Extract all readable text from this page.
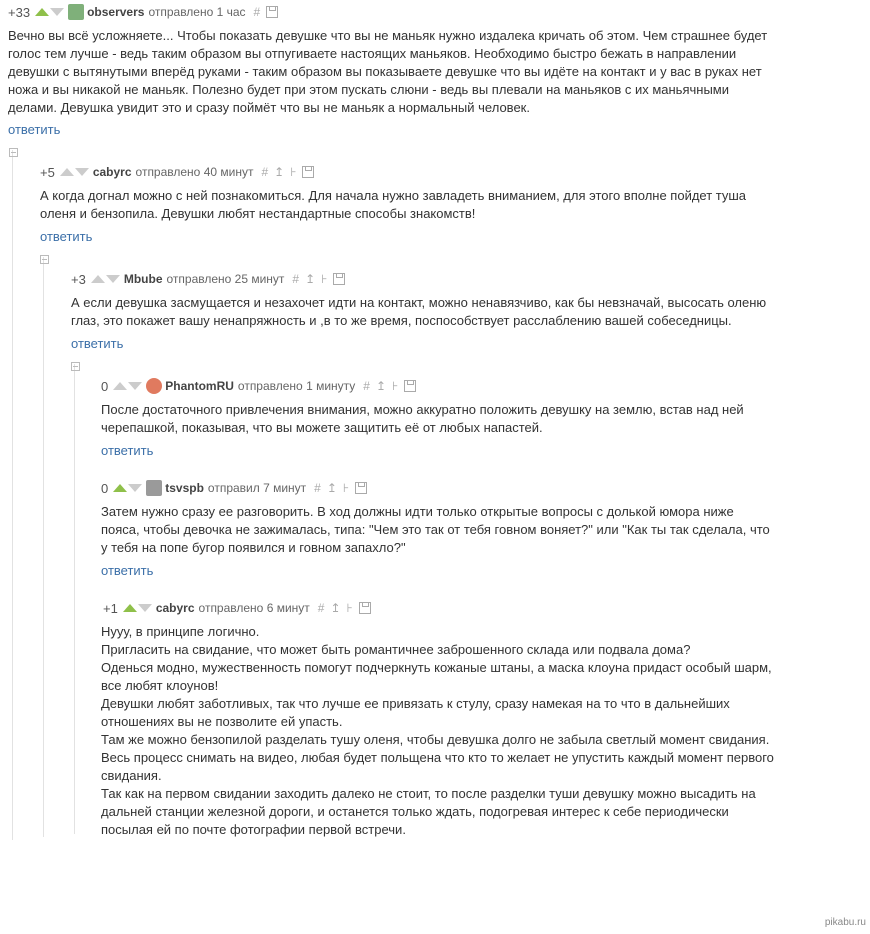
+33	observers отправлено 1 час #

Вечно вы всё усложняете... Чтобы показать девушке что вы не маньяк нужно издалека кричать об этом. Чем страшнее будет

голос тем лучше - ведь таким образом вы отпугиваете настоящих маньяков. Необходимо быстро бежать в направлении

девушки с вытянутыми вперёд руками - таким образом вы показываете девушке что вы идёте на контакт и у вас в руках нет

ножа и вы никакой не маньяк. Полезно будет при этом пускать слюни - ведь вы плевали на маньяков с их маньячными

делами. Девушка увидит это и сразу поймёт что вы не маньяк а нормальный человек.

ответить
+5	cabyrc отправлено 40 минут # ↥ ⊦

А когда догнал можно с ней познакомиться. Для начала нужно завладеть вниманием, для этого вполне пойдет туша

оленя и бензопила. Девушки любят нестандартные способы знакомств!

ответить
+3	Mbube отправлено 25 минут # ↥ ⊦

А если девушка засмущается и незахочет идти на контакт, можно ненавязчиво, как бы невзначай, высосать оленю

глаз, это покажет вашу ненапряжность и ,в то же время, поспособствует расслаблению вашей собеседницы.

ответить
0	PhantomRU отправлено 1 минуту # ↥ ⊦

После достаточного привлечения внимания, можно аккуратно положить девушку на землю, встав над ней

черепашкой, показывая, что вы можете защитить её от любых напастей.

ответить
0	tsvspb отправил 7 минут # ↥ ⊦

Затем нужно сразу ее разговорить. В ход должны идти только открытые вопросы с долькой юмора ниже

пояса, чтобы девочка не зажималась, типа: "Чем это так от тебя говном воняет?" или "Как ты так сделала, что

у тебя на попе бугор появился и говном запахло?"

ответить
+1	cabyrc отправлено 6 минут # ↥ ⊦

Нууу, в принципе логично.

Пригласить на свидание, что может быть романтичнее заброшенного склада или подвала дома?

Оденься модно, мужественность помогут подчеркнуть кожаные штаны, а маска клоуна придаст особый шарм,

все любят клоунов!

Девушки любят заботливых, так что лучше ее привязать к стулу, сразу намекая на то что в дальнейших

отношениях вы не позволите ей упасть.

Там же можно бензопилой разделать тушу оленя, чтобы девушка долго не забыла светлый момент свидания.

Весь процесс снимать на видео, любая будет польщена что кто то желает не упустить каждый момент первого

свидания.

Так как на первом свидании заходить далеко не стоит, то после разделки туши девушку можно высадить на

дальней станции железной дороги, и останется только ждать, подогревая интерес к себе периодически

посылая ей по почте фотографии первой встречи.

pikabu.ru
